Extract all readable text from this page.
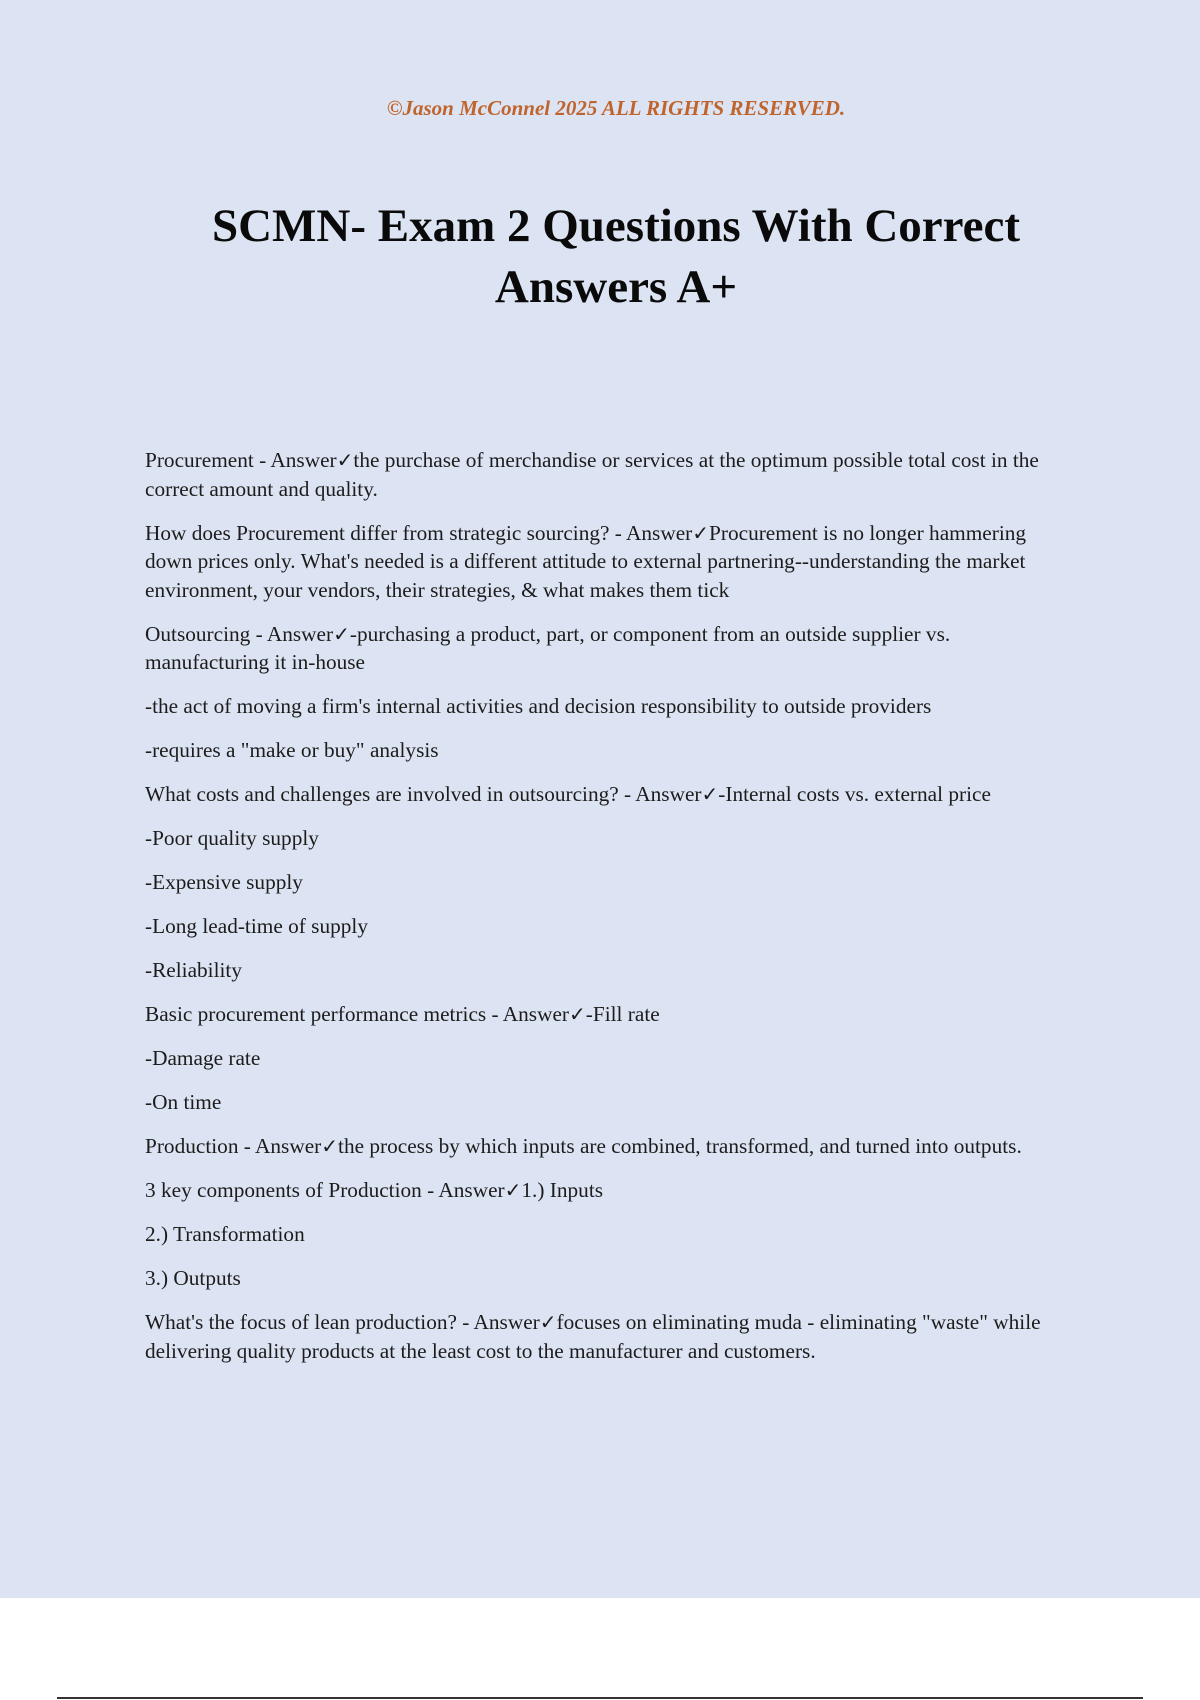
©Jason McConnel 2025 ALL RIGHTS RESERVED.
SCMN- Exam 2 Questions With Correct
Answers A+

Procurement - Answer✓the purchase of merchandise or services at the optimum possible total cost in the correct amount and quality.

How does Procurement differ from strategic sourcing? - Answer✓Procurement is no longer hammering down prices only. What's needed is a different attitude to external partnering--understanding the market environment, your vendors, their strategies, & what makes them tick

Outsourcing - Answer✓-purchasing a product, part, or component from an outside supplier vs. manufacturing it in-house

-the act of moving a firm's internal activities and decision responsibility to outside providers

-requires a "make or buy" analysis

What costs and challenges are involved in outsourcing? - Answer✓-Internal costs vs. external price

-Poor quality supply

-Expensive supply

-Long lead-time of supply

-Reliability

Basic procurement performance metrics - Answer✓-Fill rate

-Damage rate

-On time

Production - Answer✓the process by which inputs are combined, transformed, and turned into outputs.

3 key components of Production - Answer✓1.) Inputs

2.) Transformation

3.) Outputs

What's the focus of lean production? - Answer✓focuses on eliminating muda - eliminating "waste" while delivering quality products at the least cost to the manufacturer and customers.
